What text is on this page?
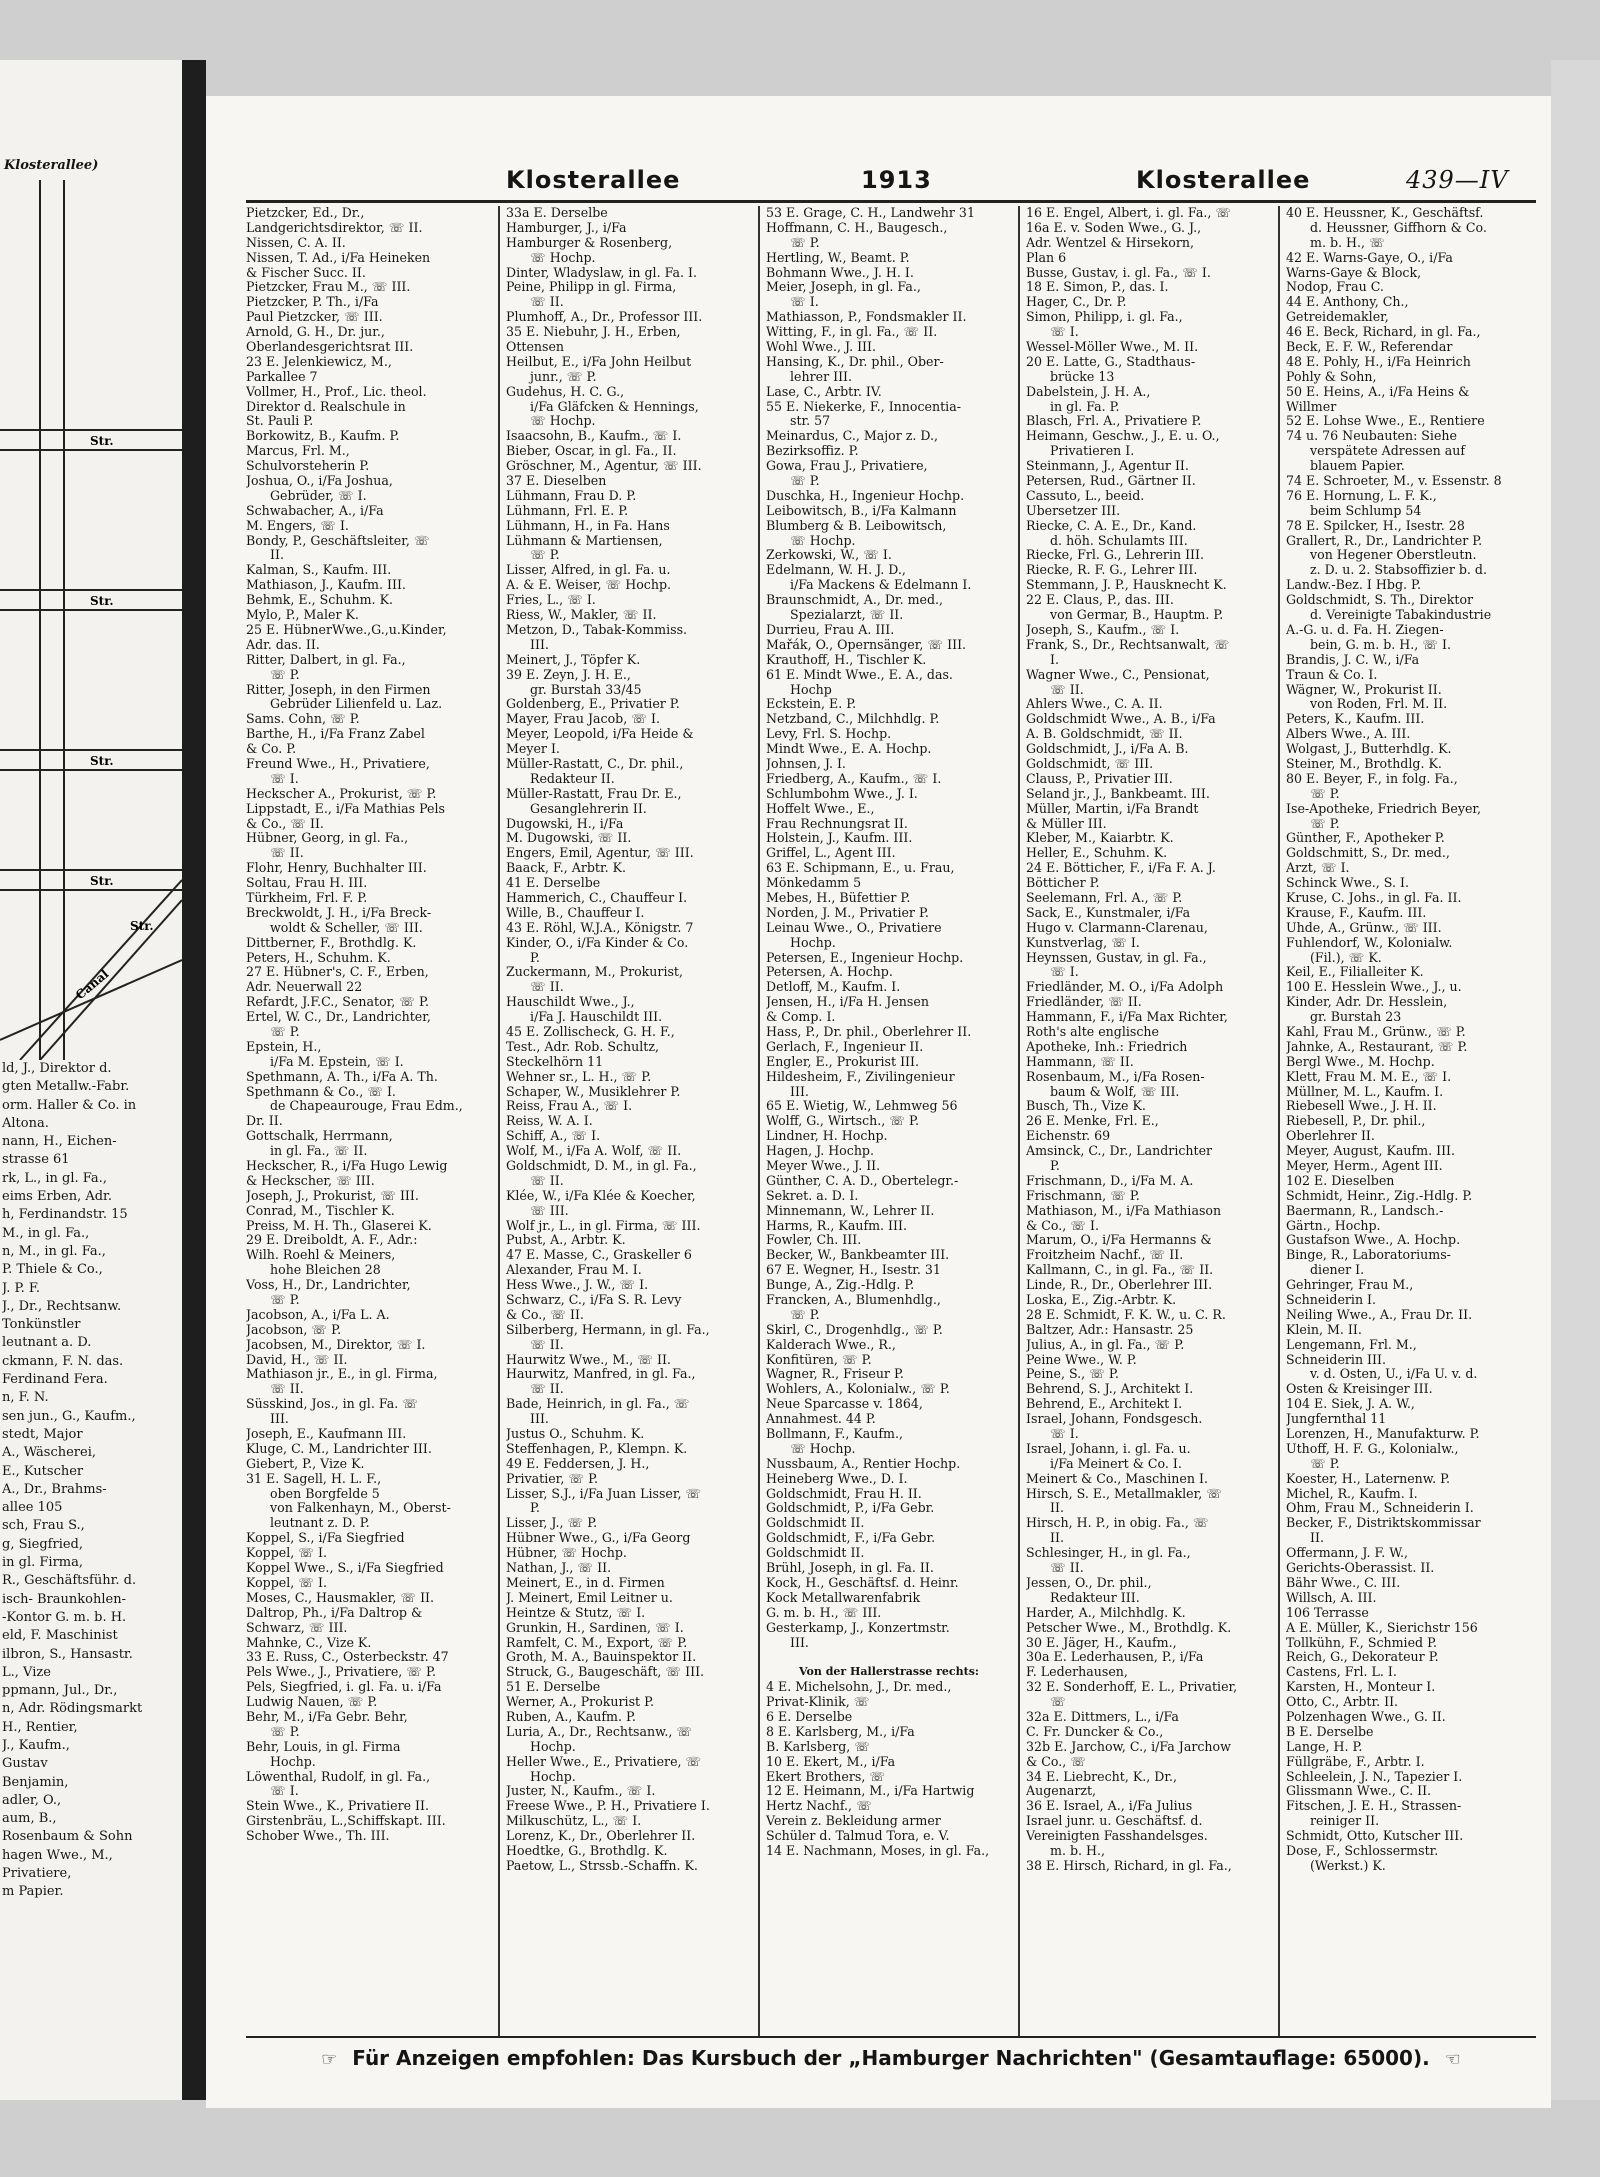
Klosterallee)
Str.
Str.
Str.
Str.
Str.
Canal
ld, J., Direktor d.
gten Metallw.-Fabr.
orm. Haller & Co. in
Altona.
nann, H., Eichen-
strasse 61
rk, L., in gl. Fa.,
eims Erben, Adr.
h, Ferdinandstr. 15
M., in gl. Fa.,
n, M., in gl. Fa.,
P. Thiele & Co.,
J. P. F.
J., Dr., Rechtsanw.
Tonkünstler
leutnant a. D.
ckmann, F. N. das.
Ferdinand Fera.
n, F. N.
sen jun., G., Kaufm.,
stedt, Major
A., Wäscherei,
E., Kutscher
A., Dr., Brahms-
allee 105
sch, Frau S.,
g, Siegfried,
in gl. Firma,
R., Geschäftsführ. d.
isch- Braunkohlen-
-Kontor G. m. b. H.
eld, F. Maschinist
ilbron, S., Hansastr.
L., Vize
ppmann, Jul., Dr.,
n, Adr. Rödingsmarkt
H., Rentier,
J., Kaufm.,
Gustav
Benjamin,
adler, O.,
aum, B.,
Rosenbaum & Sohn
hagen Wwe., M.,
Privatiere,
m Papier.
Klosterallee	1913	Klosterallee	439—IV
Pietzcker, Ed., Dr.,
Landgerichtsdirektor, ☏ II.
Nissen, C. A. II.
Nissen, T. Ad., i/Fa Heineken
& Fischer Succ. II.
Pietzcker, Frau M., ☏ III.
Pietzcker, P. Th., i/Fa
Paul Pietzcker, ☏ III.
Arnold, G. H., Dr. jur.,
Oberlandesgerichtsrat III.
23 E. Jelenkiewicz, M.,
Parkallee 7
Vollmer, H., Prof., Lic. theol.
Direktor d. Realschule in
St. Pauli P.
Borkowitz, B., Kaufm. P.
Marcus, Frl. M.,
Schulvorsteherin P.
Joshua, O., i/Fa Joshua,
Gebrüder, ☏ I.
Schwabacher, A., i/Fa
M. Engers, ☏ I.
Bondy, P., Geschäftsleiter, ☏
II.
Kalman, S., Kaufm. III.
Mathiason, J., Kaufm. III.
Behmk, E., Schuhm. K.
Mylo, P., Maler K.
25 E. HübnerWwe.,G.,u.Kinder,
Adr. das. II.
Ritter, Dalbert, in gl. Fa.,
☏ P.
Ritter, Joseph, in den Firmen
Gebrüder Lilienfeld u. Laz.
Sams. Cohn, ☏ P.
Barthe, H., i/Fa Franz Zabel
& Co. P.
Freund Wwe., H., Privatiere,
☏ I.
Heckscher A., Prokurist, ☏ P.
Lippstadt, E., i/Fa Mathias Pels
& Co., ☏ II.
Hübner, Georg, in gl. Fa.,
☏ II.
Flohr, Henry, Buchhalter III.
Soltau, Frau H. III.
Türkheim, Frl. F. P.
Breckwoldt, J. H., i/Fa Breck-
woldt & Scheller, ☏ III.
Dittberner, F., Brothdlg. K.
Peters, H., Schuhm. K.
27 E. Hübner's, C. F., Erben,
Adr. Neuerwall 22
Refardt, J.F.C., Senator, ☏ P.
Ertel, W. C., Dr., Landrichter,
☏ P.
Epstein, H.,
i/Fa M. Epstein, ☏ I.
Spethmann, A. Th., i/Fa A. Th.
Spethmann & Co., ☏ I.
de Chapeaurouge, Frau Edm.,
Dr. II.
Gottschalk, Herrmann,
in gl. Fa., ☏ II.
Heckscher, R., i/Fa Hugo Lewig
& Heckscher, ☏ III.
Joseph, J., Prokurist, ☏ III.
Conrad, M., Tischler K.
Preiss, M. H. Th., Glaserei K.
29 E. Dreiboldt, A. F., Adr.:
Wilh. Roehl & Meiners,
hohe Bleichen 28
Voss, H., Dr., Landrichter,
☏ P.
Jacobson, A., i/Fa L. A.
Jacobson, ☏ P.
Jacobsen, M., Direktor, ☏ I.
David, H., ☏ II.
Mathiason jr., E., in gl. Firma,
☏ II.
Süsskind, Jos., in gl. Fa. ☏
III.
Joseph, E., Kaufmann III.
Kluge, C. M., Landrichter III.
Giebert, P., Vize K.
31 E. Sagell, H. L. F.,
oben Borgfelde 5
von Falkenhayn, M., Oberst-
leutnant z. D. P.
Koppel, S., i/Fa Siegfried
Koppel, ☏ I.
Koppel Wwe., S., i/Fa Siegfried
Koppel, ☏ I.
Moses, C., Hausmakler, ☏ II.
Daltrop, Ph., i/Fa Daltrop &
Schwarz, ☏ III.
Mahnke, C., Vize K.
33 E. Russ, C., Osterbeckstr. 47
Pels Wwe., J., Privatiere, ☏ P.
Pels, Siegfried, i. gl. Fa. u. i/Fa
Ludwig Nauen, ☏ P.
Behr, M., i/Fa Gebr. Behr,
☏ P.
Behr, Louis, in gl. Firma
Hochp.
Löwenthal, Rudolf, in gl. Fa.,
☏ I.
Stein Wwe., K., Privatiere II.
Girstenbräu, L.,Schiffskapt. III.
Schober Wwe., Th. III.
33a E. Derselbe
Hamburger, J., i/Fa
Hamburger & Rosenberg,
☏ Hochp.
Dinter, Wladyslaw, in gl. Fa. I.
Peine, Philipp in gl. Firma,
☏ II.
Plumhoff, A., Dr., Professor III.
35 E. Niebuhr, J. H., Erben,
Ottensen
Heilbut, E., i/Fa John Heilbut
junr., ☏ P.
Gudehus, H. C. G.,
i/Fa Gläfcken & Hennings,
☏ Hochp.
Isaacsohn, B., Kaufm., ☏ I.
Bieber, Oscar, in gl. Fa., II.
Gröschner, M., Agentur, ☏ III.
37 E. Dieselben
Lühmann, Frau D. P.
Lühmann, Frl. E. P.
Lühmann, H., in Fa. Hans
Lühmann & Martiensen,
☏ P.
Lisser, Alfred, in gl. Fa. u.
A. & E. Weiser, ☏ Hochp.
Fries, L., ☏ I.
Riess, W., Makler, ☏ II.
Metzon, D., Tabak-Kommiss.
III.
Meinert, J., Töpfer K.
39 E. Zeyn, J. H. E.,
gr. Burstah 33/45
Goldenberg, E., Privatier P.
Mayer, Frau Jacob, ☏ I.
Meyer, Leopold, i/Fa Heide &
Meyer I.
Müller-Rastatt, C., Dr. phil.,
Redakteur II.
Müller-Rastatt, Frau Dr. E.,
Gesanglehrerin II.
Dugowski, H., i/Fa
M. Dugowski, ☏ II.
Engers, Emil, Agentur, ☏ III.
Baack, F., Arbtr. K.
41 E. Derselbe
Hammerich, C., Chauffeur I.
Wille, B., Chauffeur I.
43 E. Röhl, W.J.A., Königstr. 7
Kinder, O., i/Fa Kinder & Co.
P.
Zuckermann, M., Prokurist,
☏ II.
Hauschildt Wwe., J.,
i/Fa J. Hauschildt III.
45 E. Zollischeck, G. H. F.,
Test., Adr. Rob. Schultz,
Steckelhörn 11
Wehner sr., L. H., ☏ P.
Schaper, W., Musiklehrer P.
Reiss, Frau A., ☏ I.
Reiss, W. A. I.
Schiff, A., ☏ I.
Wolf, M., i/Fa A. Wolf, ☏ II.
Goldschmidt, D. M., in gl. Fa.,
☏ II.
Klée, W., i/Fa Klée & Koecher,
☏ III.
Wolf jr., L., in gl. Firma, ☏ III.
Pubst, A., Arbtr. K.
47 E. Masse, C., Graskeller 6
Alexander, Frau M. I.
Hess Wwe., J. W., ☏ I.
Schwarz, C., i/Fa S. R. Levy
& Co., ☏ II.
Silberberg, Hermann, in gl. Fa.,
☏ II.
Haurwitz Wwe., M., ☏ II.
Haurwitz, Manfred, in gl. Fa.,
☏ II.
Bade, Heinrich, in gl. Fa., ☏
III.
Justus O., Schuhm. K.
Steffenhagen, P., Klempn. K.
49 E. Feddersen, J. H.,
Privatier, ☏ P.
Lisser, S.J., i/Fa Juan Lisser, ☏
P.
Lisser, J., ☏ P.
Hübner Wwe., G., i/Fa Georg
Hübner, ☏ Hochp.
Nathan, J., ☏ II.
Meinert, E., in d. Firmen
J. Meinert, Emil Leitner u.
Heintze & Stutz, ☏ I.
Grunkin, H., Sardinen, ☏ I.
Ramfelt, C. M., Export, ☏ P.
Groth, M. A., Bauinspektor II.
Struck, G., Baugeschäft, ☏ III.
51 E. Derselbe
Werner, A., Prokurist P.
Ruben, A., Kaufm. P.
Luria, A., Dr., Rechtsanw., ☏
Hochp.
Heller Wwe., E., Privatiere, ☏
Hochp.
Juster, N., Kaufm., ☏ I.
Freese Wwe., P. H., Privatiere I.
Milkuschütz, L., ☏ I.
Lorenz, K., Dr., Oberlehrer II.
Hoedtke, G., Brothdlg. K.
Paetow, L., Strssb.-Schaffn. K.
53 E. Grage, C. H., Landwehr 31
Hoffmann, C. H., Baugesch.,
☏ P.
Hertling, W., Beamt. P.
Bohmann Wwe., J. H. I.
Meier, Joseph, in gl. Fa.,
☏ I.
Mathiasson, P., Fondsmakler II.
Witting, F., in gl. Fa., ☏ II.
Wohl Wwe., J. III.
Hansing, K., Dr. phil., Ober-
lehrer III.
Lase, C., Arbtr. IV.
55 E. Niekerke, F., Innocentia-
str. 57
Meinardus, C., Major z. D.,
Bezirksoffiz. P.
Gowa, Frau J., Privatiere,
☏ P.
Duschka, H., Ingenieur Hochp.
Leibowitsch, B., i/Fa Kalmann
Blumberg & B. Leibowitsch,
☏ Hochp.
Zerkowski, W., ☏ I.
Edelmann, W. H. J. D.,
i/Fa Mackens & Edelmann I.
Braunschmidt, A., Dr. med.,
Spezialarzt, ☏ II.
Durrieu, Frau A. III.
Mařák, O., Opernsänger, ☏ III.
Krauthoff, H., Tischler K.
61 E. Mindt Wwe., E. A., das.
Hochp
Eckstein, E. P.
Netzband, C., Milchhdlg. P.
Levy, Frl. S. Hochp.
Mindt Wwe., E. A. Hochp.
Johnsen, J. I.
Friedberg, A., Kaufm., ☏ I.
Schlumbohm Wwe., J. I.
Hoffelt Wwe., E.,
Frau Rechnungsrat II.
Holstein, J., Kaufm. III.
Griffel, L., Agent III.
63 E. Schipmann, E., u. Frau,
Mönkedamm 5
Mebes, H., Büfettier P.
Norden, J. M., Privatier P.
Leinau Wwe., O., Privatiere
Hochp.
Petersen, E., Ingenieur Hochp.
Petersen, A. Hochp.
Detloff, M., Kaufm. I.
Jensen, H., i/Fa H. Jensen
& Comp. I.
Hass, P., Dr. phil., Oberlehrer II.
Gerlach, F., Ingenieur II.
Engler, E., Prokurist III.
Hildesheim, F., Zivilingenieur
III.
65 E. Wietig, W., Lehmweg 56
Wolff, G., Wirtsch., ☏ P.
Lindner, H. Hochp.
Hagen, J. Hochp.
Meyer Wwe., J. II.
Günther, C. A. D., Obertelegr.-
Sekret. a. D. I.
Minnemann, W., Lehrer II.
Harms, R., Kaufm. III.
Fowler, Ch. III.
Becker, W., Bankbeamter III.
67 E. Wegner, H., Isestr. 31
Bunge, A., Zig.-Hdlg. P.
Francken, A., Blumenhdlg.,
☏ P.
Skirl, C., Drogenhdlg., ☏ P.
Kalderach Wwe., R.,
Konfitüren, ☏ P.
Wagner, R., Friseur P.
Wohlers, A., Kolonialw., ☏ P.
Neue Sparcasse v. 1864,
Annahmest. 44 P.
Bollmann, F., Kaufm.,
☏ Hochp.
Nussbaum, A., Rentier Hochp.
Heineberg Wwe., D. I.
Goldschmidt, Frau H. II.
Goldschmidt, P., i/Fa Gebr.
Goldschmidt II.
Goldschmidt, F., i/Fa Gebr.
Goldschmidt II.
Brühl, Joseph, in gl. Fa. II.
Kock, H., Geschäftsf. d. Heinr.
Kock Metallwarenfabrik
G. m. b. H., ☏ III.
Gesterkamp, J., Konzertmstr.
III.
Von der Hallerstrasse rechts:
4 E. Michelsohn, J., Dr. med.,
Privat-Klinik, ☏
6 E. Derselbe
8 E. Karlsberg, M., i/Fa
B. Karlsberg, ☏
10 E. Ekert, M., i/Fa
Ekert Brothers, ☏
12 E. Heimann, M., i/Fa Hartwig
Hertz Nachf., ☏
Verein z. Bekleidung armer
Schüler d. Talmud Tora, e. V.
14 E. Nachmann, Moses, in gl. Fa.,
16 E. Engel, Albert, i. gl. Fa., ☏
16a E. v. Soden Wwe., G. J.,
Adr. Wentzel & Hirsekorn,
Plan 6
Busse, Gustav, i. gl. Fa., ☏ I.
18 E. Simon, P., das. I.
Hager, C., Dr. P.
Simon, Philipp, i. gl. Fa.,
☏ I.
Wessel-Möller Wwe., M. II.
20 E. Latte, G., Stadthaus-
brücke 13
Dabelstein, J. H. A.,
in gl. Fa. P.
Blasch, Frl. A., Privatiere P.
Heimann, Geschw., J., E. u. O.,
Privatieren I.
Steinmann, J., Agentur II.
Petersen, Rud., Gärtner II.
Cassuto, L., beeid.
Übersetzer III.
Riecke, C. A. E., Dr., Kand.
d. höh. Schulamts III.
Riecke, Frl. G., Lehrerin III.
Riecke, R. F. G., Lehrer III.
Stemmann, J. P., Hausknecht K.
22 E. Claus, P., das. III.
von Germar, B., Hauptm. P.
Joseph, S., Kaufm., ☏ I.
Frank, S., Dr., Rechtsanwalt, ☏
I.
Wagner Wwe., C., Pensionat,
☏ II.
Ahlers Wwe., C. A. II.
Goldschmidt Wwe., A. B., i/Fa
A. B. Goldschmidt, ☏ II.
Goldschmidt, J., i/Fa A. B.
Goldschmidt, ☏ III.
Clauss, P., Privatier III.
Seland jr., J., Bankbeamt. III.
Müller, Martin, i/Fa Brandt
& Müller III.
Kleber, M., Kaiarbtr. K.
Heller, E., Schuhm. K.
24 E. Bötticher, F., i/Fa F. A. J.
Bötticher P.
Seelemann, Frl. A., ☏ P.
Sack, E., Kunstmaler, i/Fa
Hugo v. Clarmann-Clarenau,
Kunstverlag, ☏ I.
Heynssen, Gustav, in gl. Fa.,
☏ I.
Friedländer, M. O., i/Fa Adolph
Friedländer, ☏ II.
Hammann, F., i/Fa Max Richter,
Roth's alte englische
Apotheke, Inh.: Friedrich
Hammann, ☏ II.
Rosenbaum, M., i/Fa Rosen-
baum & Wolf, ☏ III.
Busch, Th., Vize K.
26 E. Menke, Frl. E.,
Eichenstr. 69
Amsinck, C., Dr., Landrichter
P.
Frischmann, D., i/Fa M. A.
Frischmann, ☏ P.
Mathiason, M., i/Fa Mathiason
& Co., ☏ I.
Marum, O., i/Fa Hermanns &
Froitzheim Nachf., ☏ II.
Kallmann, C., in gl. Fa., ☏ II.
Linde, R., Dr., Oberlehrer III.
Loska, E., Zig.-Arbtr. K.
28 E. Schmidt, F. K. W., u. C. R.
Baltzer, Adr.: Hansastr. 25
Julius, A., in gl. Fa., ☏ P.
Peine Wwe., W. P.
Peine, S., ☏ P.
Behrend, S. J., Architekt I.
Behrend, E., Architekt I.
Israel, Johann, Fondsgesch.
☏ I.
Israel, Johann, i. gl. Fa. u.
i/Fa Meinert & Co. I.
Meinert & Co., Maschinen I.
Hirsch, S. E., Metallmakler, ☏
II.
Hirsch, H. P., in obig. Fa., ☏
II.
Schlesinger, H., in gl. Fa.,
☏ II.
Jessen, O., Dr. phil.,
Redakteur III.
Harder, A., Milchhdlg. K.
Petscher Wwe., M., Brothdlg. K.
30 E. Jäger, H., Kaufm.,
30a E. Lederhausen, P., i/Fa
F. Lederhausen,
32 E. Sonderhoff, E. L., Privatier,
☏
32a E. Dittmers, L., i/Fa
C. Fr. Duncker & Co.,
32b E. Jarchow, C., i/Fa Jarchow
& Co., ☏
34 E. Liebrecht, K., Dr.,
Augenarzt,
36 E. Israel, A., i/Fa Julius
Israel junr. u. Geschäftsf. d.
Vereinigten Fasshandelsges.
m. b. H.,
38 E. Hirsch, Richard, in gl. Fa.,
40 E. Heussner, K., Geschäftsf.
d. Heussner, Giffhorn & Co.
m. b. H., ☏
42 E. Warns-Gaye, O., i/Fa
Warns-Gaye & Block,
Nodop, Frau C.
44 E. Anthony, Ch.,
Getreidemakler,
46 E. Beck, Richard, in gl. Fa.,
Beck, E. F. W., Referendar
48 E. Pohly, H., i/Fa Heinrich
Pohly & Sohn,
50 E. Heins, A., i/Fa Heins &
Willmer
52 E. Lohse Wwe., E., Rentiere
74 u. 76 Neubauten: Siehe
verspätete Adressen auf
blauem Papier.
74 E. Schroeter, M., v. Essenstr. 8
76 E. Hornung, L. F. K.,
beim Schlump 54
78 E. Spilcker, H., Isestr. 28
Grallert, R., Dr., Landrichter P.
von Hegener Oberstleutn.
z. D. u. 2. Stabsoffizier b. d.
Landw.-Bez. I Hbg. P.
Goldschmidt, S. Th., Direktor
d. Vereinigte Tabakindustrie
A.-G. u. d. Fa. H. Ziegen-
bein, G. m. b. H., ☏ I.
Brandis, J. C. W., i/Fa
Traun & Co. I.
Wägner, W., Prokurist II.
von Roden, Frl. M. II.
Peters, K., Kaufm. III.
Albers Wwe., A. III.
Wolgast, J., Butterhdlg. K.
Steiner, M., Brothdlg. K.
80 E. Beyer, F., in folg. Fa.,
☏ P.
Ise-Apotheke, Friedrich Beyer,
☏ P.
Günther, F., Apotheker P.
Goldschmitt, S., Dr. med.,
Arzt, ☏ I.
Schinck Wwe., S. I.
Kruse, C. Johs., in gl. Fa. II.
Krause, F., Kaufm. III.
Uhde, A., Grünw., ☏ III.
Fuhlendorf, W., Kolonialw.
(Fil.), ☏ K.
Keil, E., Filialleiter K.
100 E. Hesslein Wwe., J., u.
Kinder, Adr. Dr. Hesslein,
gr. Burstah 23
Kahl, Frau M., Grünw., ☏ P.
Jahnke, A., Restaurant, ☏ P.
Bergl Wwe., M. Hochp.
Klett, Frau M. M. E., ☏ I.
Müllner, M. L., Kaufm. I.
Riebesell Wwe., J. H. II.
Riebesell, P., Dr. phil.,
Oberlehrer II.
Meyer, August, Kaufm. III.
Meyer, Herm., Agent III.
102 E. Dieselben
Schmidt, Heinr., Zig.-Hdlg. P.
Baermann, R., Landsch.-
Gärtn., Hochp.
Gustafson Wwe., A. Hochp.
Binge, R., Laboratoriums-
diener I.
Gehringer, Frau M.,
Schneiderin I.
Neiling Wwe., A., Frau Dr. II.
Klein, M. II.
Lengemann, Frl. M.,
Schneiderin III.
v. d. Osten, U., i/Fa U. v. d.
Osten & Kreisinger III.
104 E. Siek, J. A. W.,
Jungfernthal 11
Lorenzen, H., Manufakturw. P.
Uthoff, H. F. G., Kolonialw.,
☏ P.
Koester, H., Laternenw. P.
Michel, R., Kaufm. I.
Ohm, Frau M., Schneiderin I.
Becker, F., Distriktskommissar
II.
Offermann, J. F. W.,
Gerichts-Oberassist. II.
Bähr Wwe., C. III.
Willsch, A. III.
106 Terrasse
A E. Müller, K., Sierichstr 156
Tollkühn, F., Schmied P.
Reich, G., Dekorateur P.
Castens, Frl. L. I.
Karsten, H., Monteur I.
Otto, C., Arbtr. II.
Polzenhagen Wwe., G. II.
B E. Derselbe
Lange, H. P.
Füllgräbe, F., Arbtr. I.
Schleelein, J. N., Tapezier I.
Glissmann Wwe., C. II.
Fitschen, J. E. H., Strassen-
reiniger II.
Schmidt, Otto, Kutscher III.
Dose, F., Schlossermstr.
(Werkst.) K.
☞ Für Anzeigen empfohlen: Das Kursbuch der „Hamburger Nachrichten" (Gesamtauflage: 65000). ☜
